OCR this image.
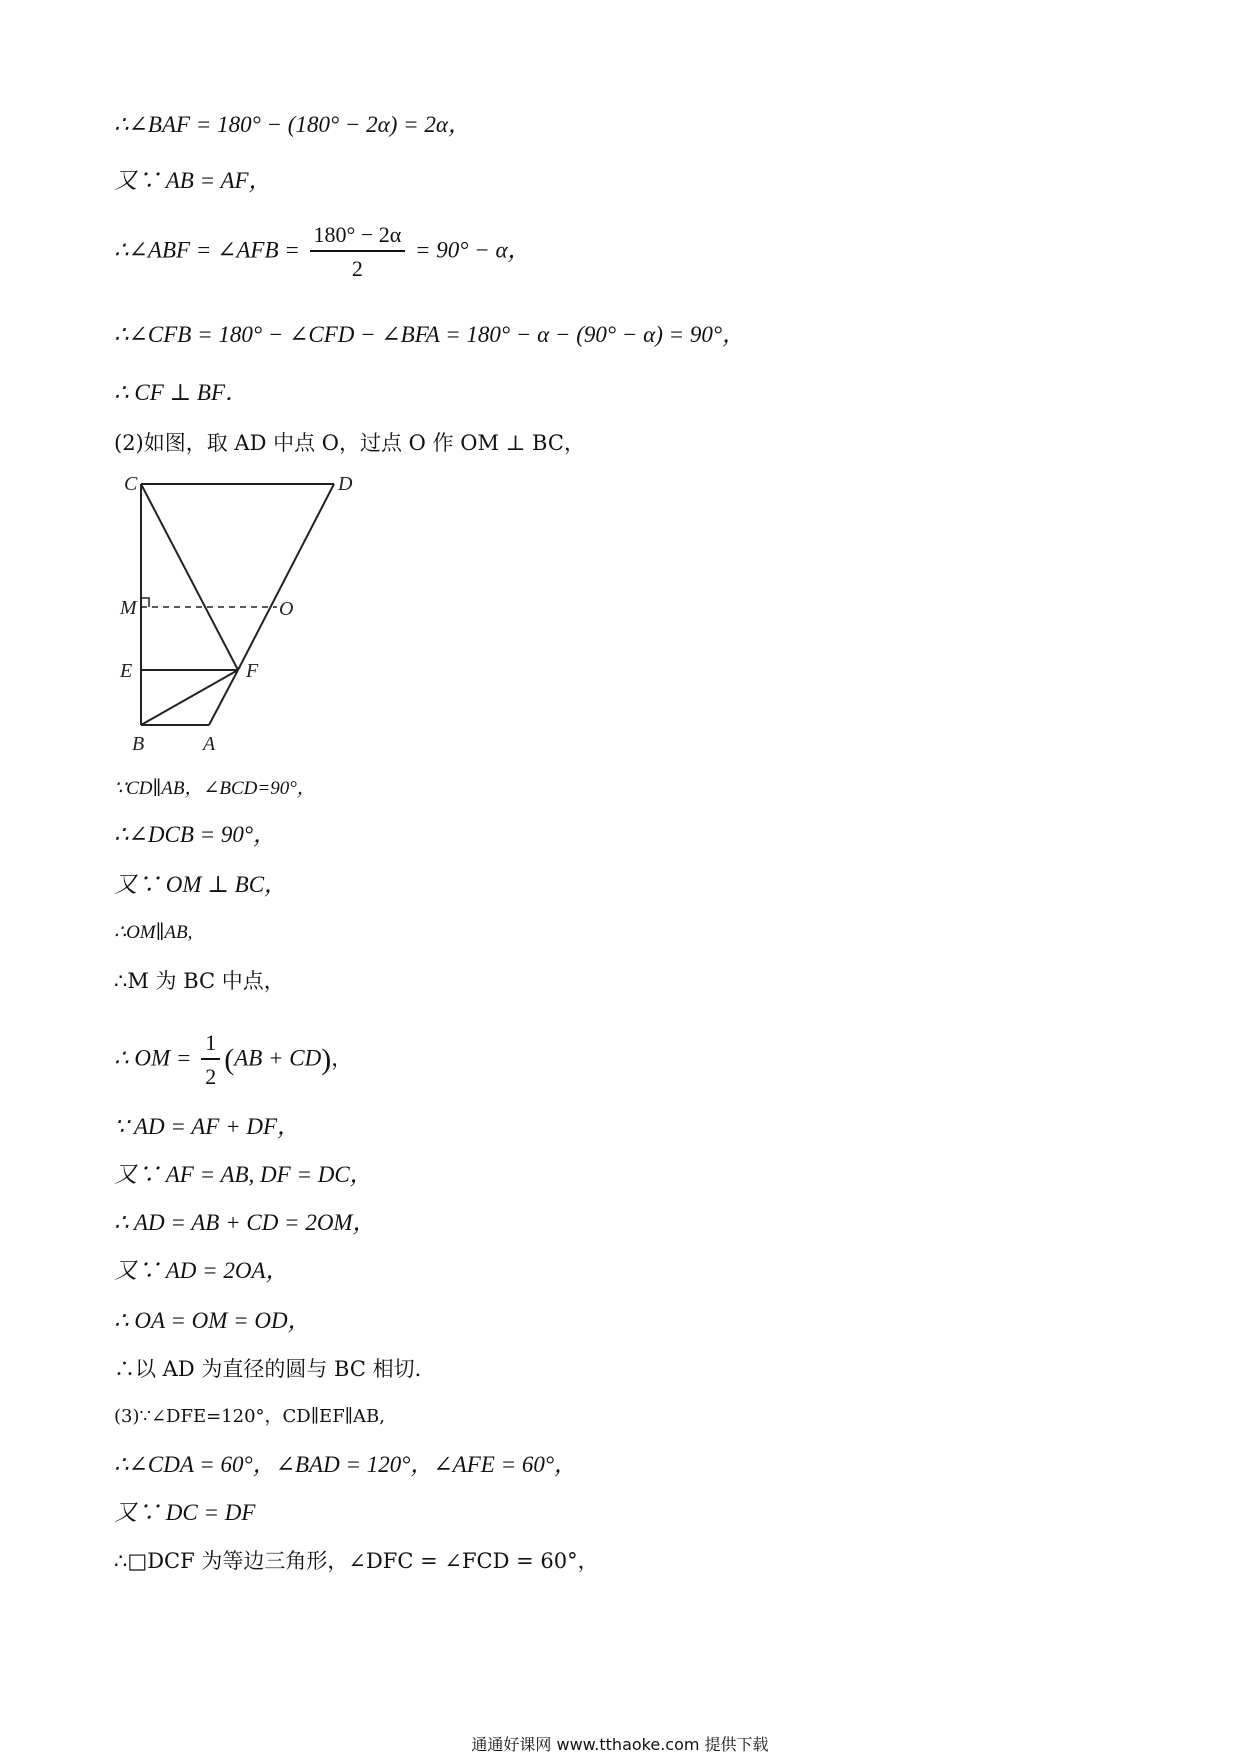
∴∠BAF = 180° − (180° − 2α) = 2α，
又∵ AB = AF，
∴∠ABF = ∠AFB = $\frac{180^\circ - 2\alpha}{2} = 90^\circ - \alpha$，
∴∠CFB = 180° − ∠CFD − ∠BFA = 180° − α − (90° − α) = 90°，
∴ CF ⊥ BF．
(2)如图，取 AD 中点 O，过点 O 作 OM ⊥ BC，
C	D
M	O
E	F
B	A
∵CD∥AB，∠BCD=90°，
∴∠DCB = 90°，
又∵ OM ⊥ BC，
∴OM∥AB,
∴M 为 BC 中点，
∴ OM = $\frac{1}{2} (AB + CD)$，
∵ AD = AF + DF，
又∵ AF = AB, DF = DC，
∴ AD = AB + CD = 2OM，
又∵ AD = 2OA，
∴ OA = OM = OD，
∴以 AD 为直径的圆与 BC 相切．
(3)∵∠DFE=120°，CD∥EF∥AB,
∴∠CDA = 60°，∠BAD = 120°，∠AFE = 60°，
又∵ DC = DF
∴□DCF 为等边三角形，∠DFC = ∠FCD = 60°，
通通好课网 www.tthaoke.com 提供下载
